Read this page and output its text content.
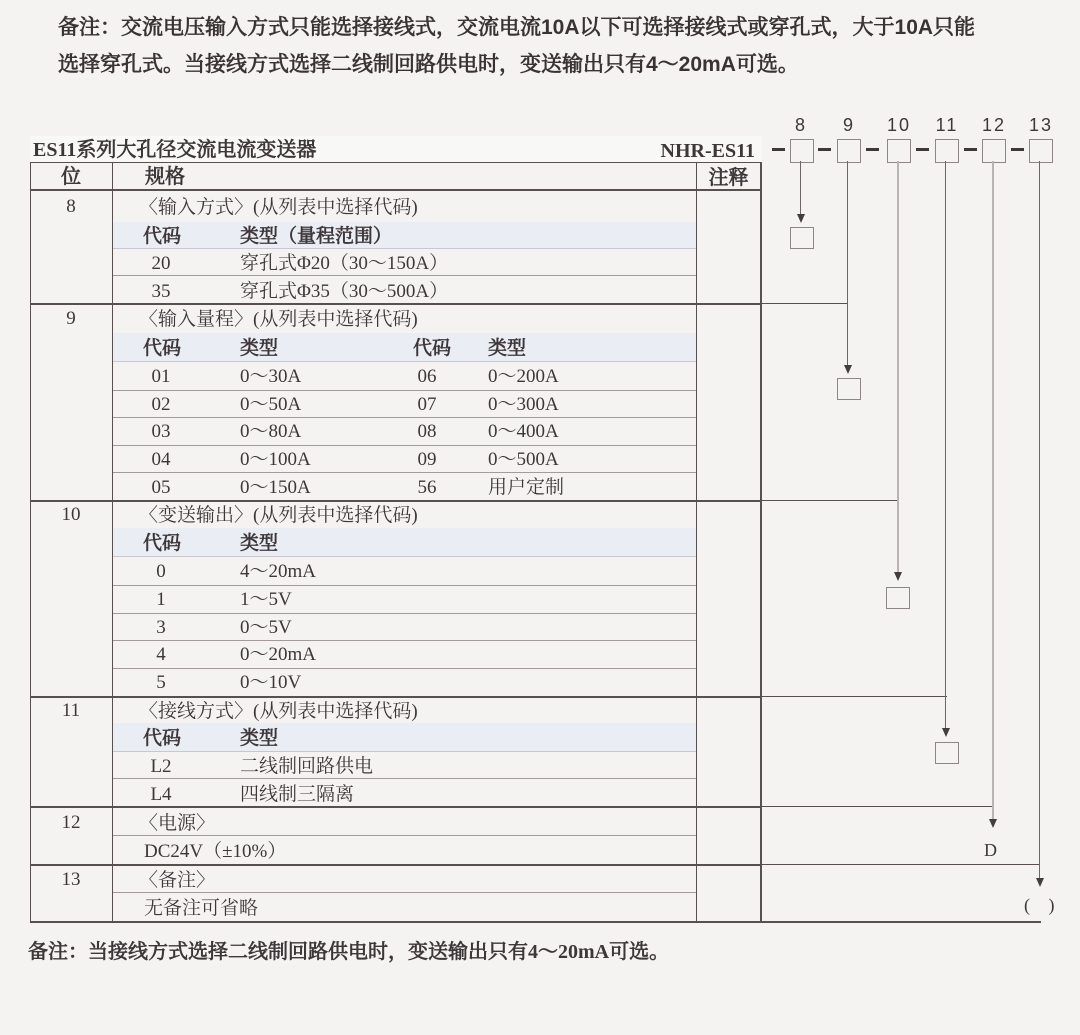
备注：交流电压输入方式只能选择接线式，交流电流10A以下可选择接线式或穿孔式，大于10A只能
选择穿孔式。当接线方式选择二线制回路供电时，变送输出只有4～20mA可选。
ES11系列大孔径交流电流变送器	NHR-ES11
位	规格	注释
8	〈输入方式〉(从列表中选择代码)
代码	类型（量程范围）
20	穿孔式Φ20（30～150A）
35	穿孔式Φ35（30～500A）
9	〈输入量程〉(从列表中选择代码)
代码	类型	代码 类型
01	0～30A	06	0～200A
02	0～50A	07	0～300A
03	0～80A	08	0～400A
04	0～100A	09	0～500A
05	0～150A	56	用户定制
10	〈变送输出〉(从列表中选择代码)
代码	类型
0	4～20mA
1	1～5V
3	0～5V
4	0～20mA
5	0～10V
11	〈接线方式〉(从列表中选择代码)
代码	类型
L2	二线制回路供电
L4	四线制三隔离
12	〈电源〉
DC24V（±10%）
13	〈备注〉
无备注可省略
8 9 10 11 12 13
D
( )
备注：当接线方式选择二线制回路供电时，变送输出只有4～20mA可选。
